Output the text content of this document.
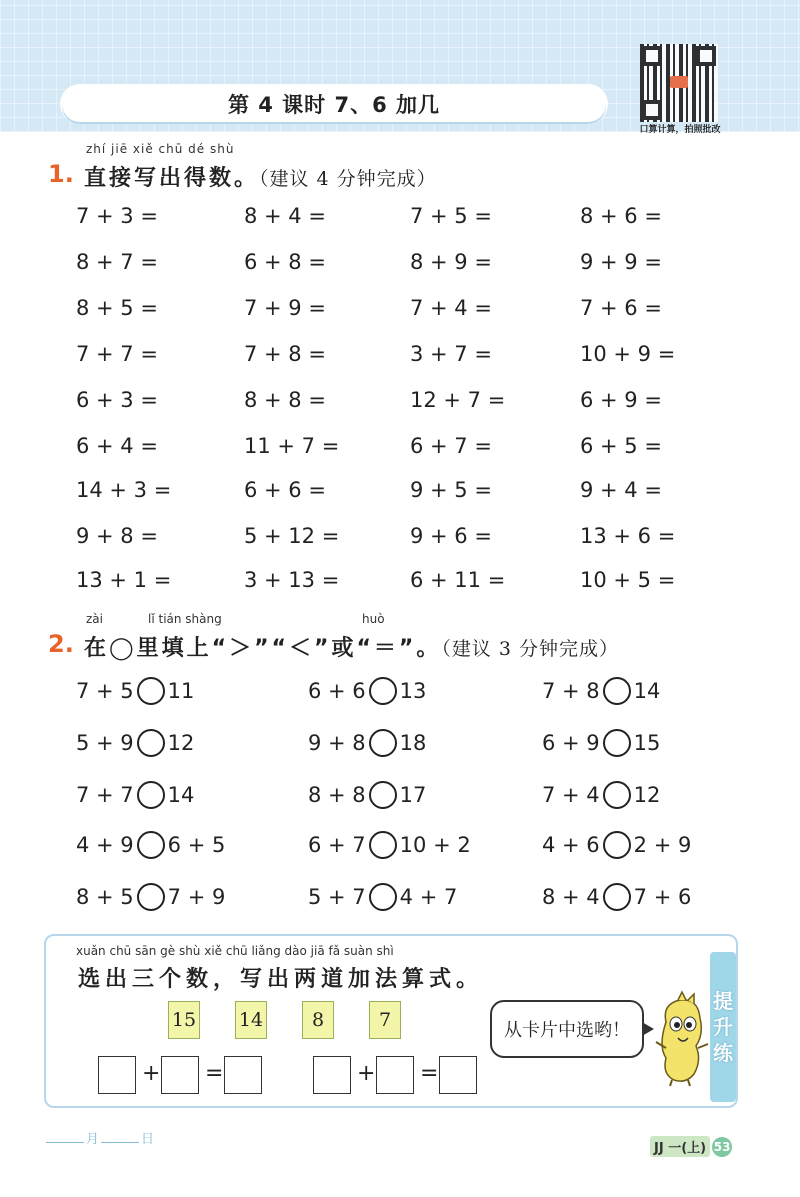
第 4 课时 7、6 加几
口算计算，拍照批改
zhí jiē xiě chū dé shù
1. 直接写出得数。（建议 4 分钟完成）
7 + 3 =	8 + 4 =	7 + 5 =	8 + 6 =
8 + 7 =	6 + 8 =	8 + 9 =	9 + 9 =
8 + 5 =	7 + 9 =	7 + 4 =	7 + 6 =
7 + 7 =	7 + 8 =	3 + 7 =	10 + 9 =
6 + 3 =	8 + 8 =	12 + 7 =	6 + 9 =
6 + 4 =	11 + 7 =	6 + 7 =	6 + 5 =
14 + 3 =	6 + 6 =	9 + 5 =	9 + 4 =
9 + 8 =	5 + 12 =	9 + 6 =	13 + 6 =
13 + 1 =	3 + 13 =	6 + 11 =	10 + 5 =
zài	lǐ tián shàng	huò
2. 在◯里填上“＞”“＜”或“＝”。（建议 3 分钟完成）
7 + 5 11	6 + 6 13	7 + 8 14
5 + 9 12	9 + 8 18	6 + 9 15
7 + 7 14	8 + 8 17	7 + 4 12
4 + 9 6 + 5	6 + 7 10 + 2	4 + 6 2 + 9
8 + 5 7 + 9	5 + 7 4 + 7	8 + 4 7 + 6
提
升
练
xuǎn chū sān gè shù xiě chū liǎng dào jiā fǎ suàn shì
选出三个数，写出两道加法算式。
15 14	8	7
+ =	+ =
从卡片中选哟！
月	日
JJ 一(上) 53
